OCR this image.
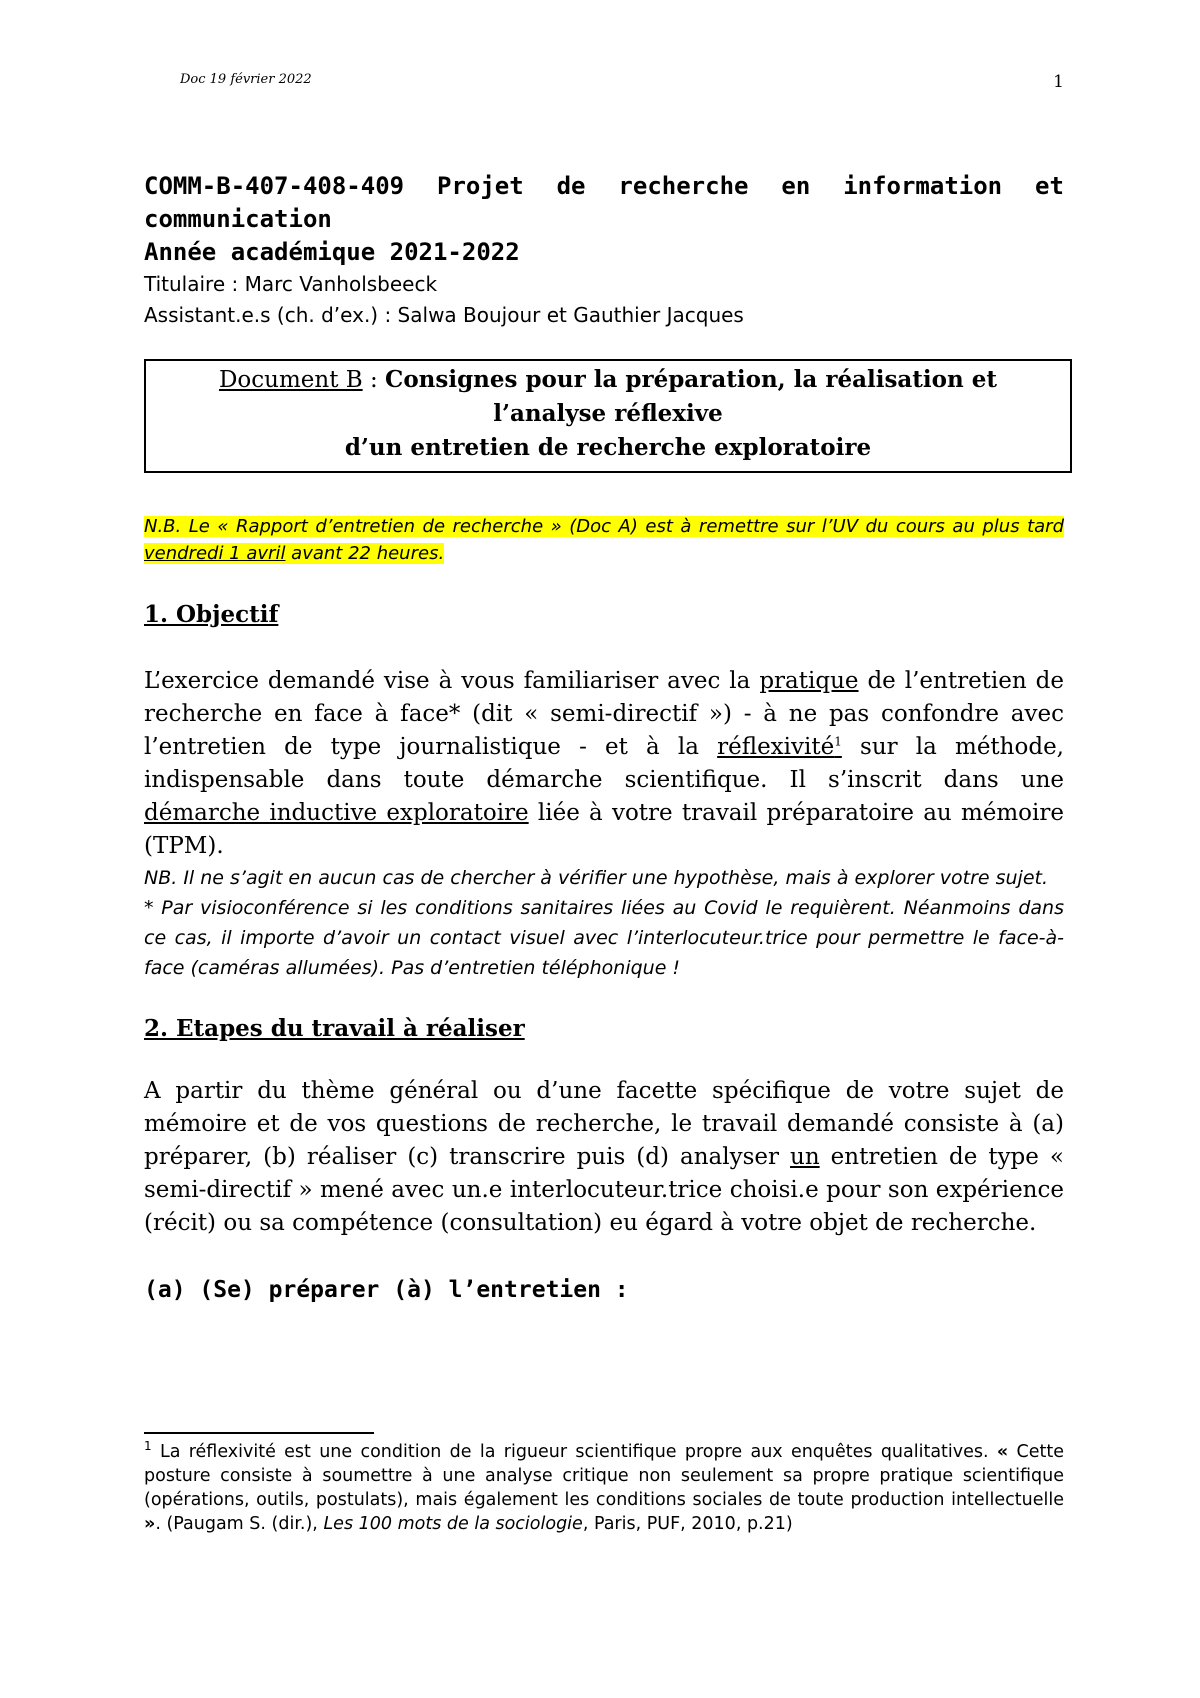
Doc 19 février 2022	1
COMM-B-407-408-409 Projet de recherche en information et
communication
Année académique 2021-2022

Titulaire : Marc Vanholsbeeck

Assistant.e.s (ch. d’ex.) : Salwa Boujour et Gauthier Jacques

Document B : Consignes pour la préparation, la réalisation et
l’analyse réflexive
d’un entretien de recherche exploratoire
N.B. Le « Rapport d’entretien de recherche » (Doc A) est à remettre sur l’UV du cours au plus tard vendredi 1 avril avant 22 heures.
1. Objectif

L’exercice demandé vise à vous familiariser avec la pratique de l’entretien de recherche en face à face* (dit « semi-directif ») - à ne pas confondre avec l’entretien de type journalistique - et à la réflexivité$^1$ sur la méthode, indispensable dans toute démarche scientifique. Il s’inscrit dans une démarche inductive exploratoire liée à votre travail préparatoire au mémoire (TPM).

NB. Il ne s’agit en aucun cas de chercher à vérifier une hypothèse, mais à explorer votre sujet.

* Par visioconférence si les conditions sanitaires liées au Covid le requièrent. Néanmoins dans ce cas, il importe d’avoir un contact visuel avec l’interlocuteur.trice pour permettre le face-à-face (caméras allumées). Pas d’entretien téléphonique !

2. Etapes du travail à réaliser

A partir du thème général ou d’une facette spécifique de votre sujet de mémoire et de vos questions de recherche, le travail demandé consiste à (a) préparer, (b) réaliser (c) transcrire puis (d) analyser un entretien de type « semi-directif » mené avec un.e interlocuteur.trice choisi.e pour son expérience (récit) ou sa compétence (consultation) eu égard à votre objet de recherche.

(a) (Se) préparer (à) l’entretien :
$^1$ La réflexivité est une condition de la rigueur scientifique propre aux enquêtes qualitatives. « Cette posture consiste à soumettre à une analyse critique non seulement sa propre pratique scientifique (opérations, outils, postulats), mais également les conditions sociales de toute production intellectuelle ». (Paugam S. (dir.), Les 100 mots de la sociologie, Paris, PUF, 2010, p.21)
